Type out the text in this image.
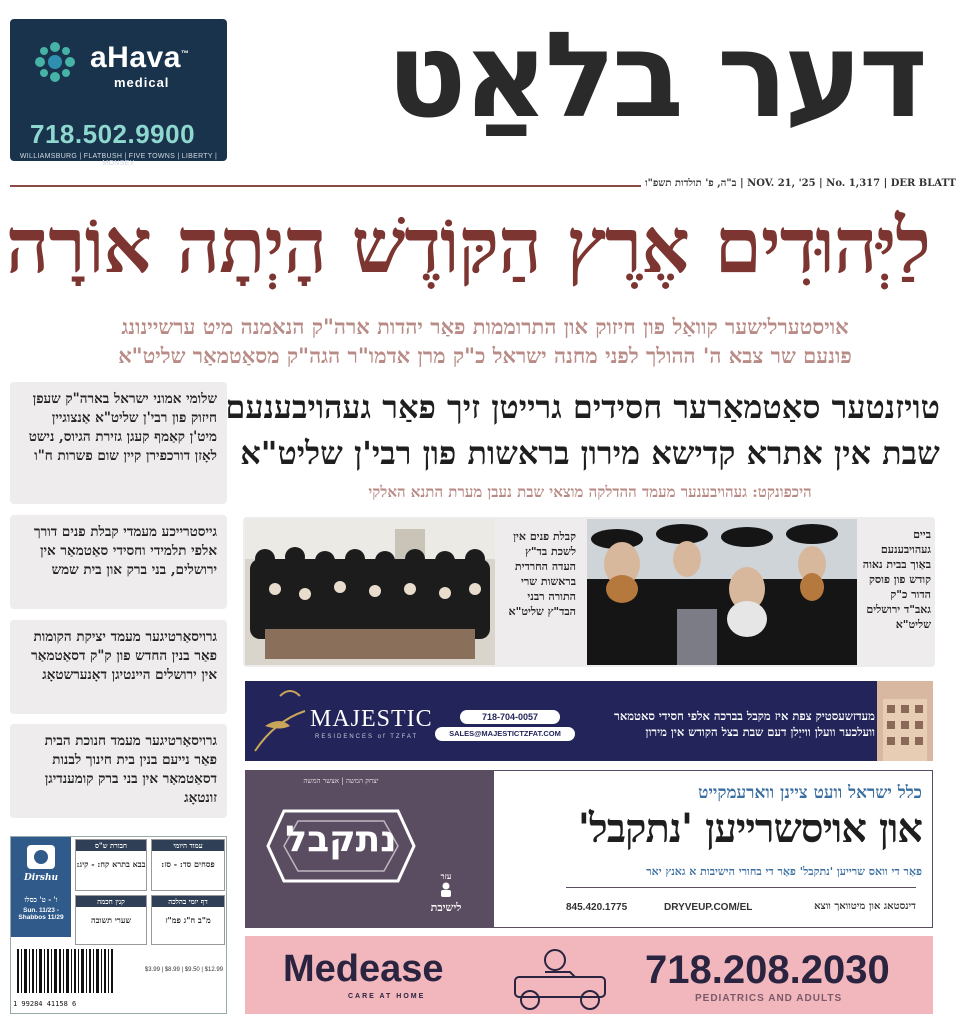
aHava™
medical
718.502.9900
WILLIAMSBURG | FLATBUSH | FIVE TOWNS | LIBERTY | MONSEY
דער בלאַט
ב"ה, פ' תולדות תשפ"ו | NOV. 21, '25 | No. 1,317 | DER BLATT
לַיְּהוּדִים אֶרֶץ הַקּוֹדֶשׁ הָיְתָה אוֹרָה
אויסטערלישער קוואַל פון חיזוק און התרוממות פאַר יהדות ארה"ק הנאמנה מיט ערשיינונג
פונעם שר צבא ה' ההולך לפני מחנה ישראל כ"ק מרן אדמו"ר הגה"ק מסאַטמאַר שליט"א
שלומי אמוני ישראל בארה"ק שעפן חיזוק פון רבי'ן שליט"א אַנצוגיין מיט'ן קאַמף קעגן גזירת הגיוס, נישט לאָזן דורכפירן קיין שום פשרות ח"ו
גייסטרייכע מעמדי קבלת פנים דורך אלפי תלמידי וחסידי סאַטמאַר אין ירושלים, בני ברק און בית שמש
גרויסאַרטיגער מעמד יציקת הקומות פאַר בנין החדש פון ק"ק דסאַטמאַר אין ירושלים היינטיגן דאָנערשטאָג
גרויסאַרטיגער מעמד חנוכת הבית פאַר נייעם בנין בית חינוך לבנות דסאַטמאַר אין בני ברק קומענדיגן זונטאָג
טויזנטער סאַטמאַרער חסידים גרייטן זיך פאַר געהויבענעם
שבת אין אתרא קדישא מירון בראשות פון רבי'ן שליט"א
היכפונקט: געהויבענער מעמד ההדלקה מוצאי שבת נעבן מערת התנא האלקי
קבלת פנים אין לשכת בד"ץ העדה החרדית בראשות שרי התורה רבני הבד"ץ שליט"א
ביים געהויבענעם באַוך בבית נאוה קודש פון פוסק הדור כ"ק גאב"ד ירושלים שליט"א
MAJESTIC
RESIDENCES of TZFAT
718-704-0057
SALES@MAJESTICTZFAT.COM
מעדזשעסטיק צפת איז מקבל בברכה אלפי חסידי סאטמאר
וועלכער וועלן ווייַלן דעם שבת בצל הקודש אין מירון
יצחק המשה | אצשר המשה
נתקבל
עזר
לישיבת
כלל ישראל וועט ציינן ווארעמקייט
און אויסשרייען 'נתקבל'
פאַר די וואס שרייען 'נתקבל' פאַר די בחורי הישיבות א גאנץ יאר
845.420.1775	DRYVEUP.COM/EL	דינסטאג און מיטוואך ווצא
Medease
CARE AT HOME
718.208.2030
PEDIATRICS AND ADULTS
Dirshu
ו' - ט' כסלו
Sun. 11/23 - Shabbos 11/29
חבורת ש"ס
בבא בתרא קח: - קיג:
עמוד היומי
פסחים סד: - סז:
קנין חכמה
שערי תשובה
דף יומי בהלכה
מ"ב ח"ג פמ"ז
1 99284 41158 6
$3.99 | $8.99 | $9.50 | $12.99
